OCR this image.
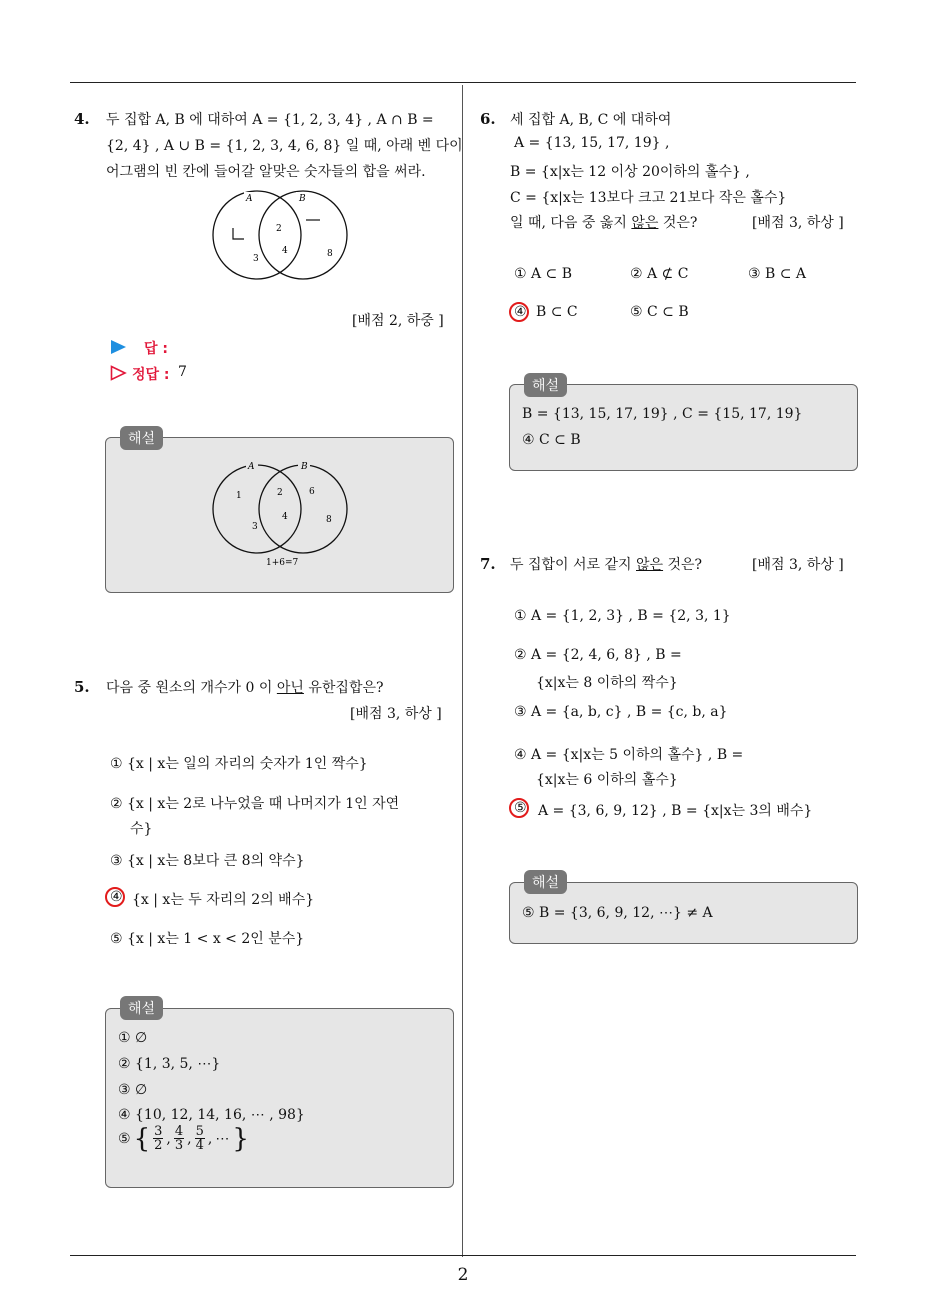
4. 두 집합 A, B 에 대하여 A = {1, 2, 3, 4} , A ∩ B =
{2, 4} , A ∪ B = {1, 2, 3, 4, 6, 8} 일 때, 아래 벤 다이
어그램의 빈 칸에 들어갈 알맞은 숫자들의 합을 써라.
A	B
2
4
3	8
[배점 2, 하중 ]
답 :
정답 : 7
해설
A	B
1	2	6
3
4	8
1+6=7
5. 다음 중 원소의 개수가 0 이 아닌 유한집합은?
[배점 3, 하상 ]
① {x | x는 일의 자리의 숫자가 1인 짝수}
② {x | x는 2로 나누었을 때 나머지가 1인 자연
수}
③ {x | x는 8보다 큰 8의 약수}
④ {x | x는 두 자리의 2의 배수}
⑤ {x | x는 1 < x < 2인 분수}
해설
① ∅
② {1, 3, 5, ⋯}
③ ∅
④ {10, 12, 14, 16, ⋯ , 98}
⑤ { $\frac{3}{2}$ , $\frac{4}{3}$ , $\frac{5}{4}$ , ⋯ }
6. 세 집합 A, B, C 에 대하여
A = {13, 15, 17, 19} ,
B = {x|x는 12 이상 20이하의 홀수} ,
C = {x|x는 13보다 크고 21보다 작은 홀수}
일 때, 다음 중 옳지 않은 것은?	[배점 3, 하상 ]
① A ⊂ B	② A ⊄ C	③ B ⊂ A
④ B ⊂ C	⑤ C ⊂ B
해설
B = {13, 15, 17, 19} , C = {15, 17, 19}
④ C ⊂ B
7. 두 집합이 서로 같지 않은 것은?	[배점 3, 하상 ]
① A = {1, 2, 3} , B = {2, 3, 1}
② A = {2, 4, 6, 8} , B =
{x|x는 8 이하의 짝수}
③ A = {a, b, c} , B = {c, b, a}
④ A = {x|x는 5 이하의 홀수} , B =
{x|x는 6 이하의 홀수}
⑤ A = {3, 6, 9, 12} , B = {x|x는 3의 배수}
해설
⑤ B = {3, 6, 9, 12, ⋯} ≠ A
2
